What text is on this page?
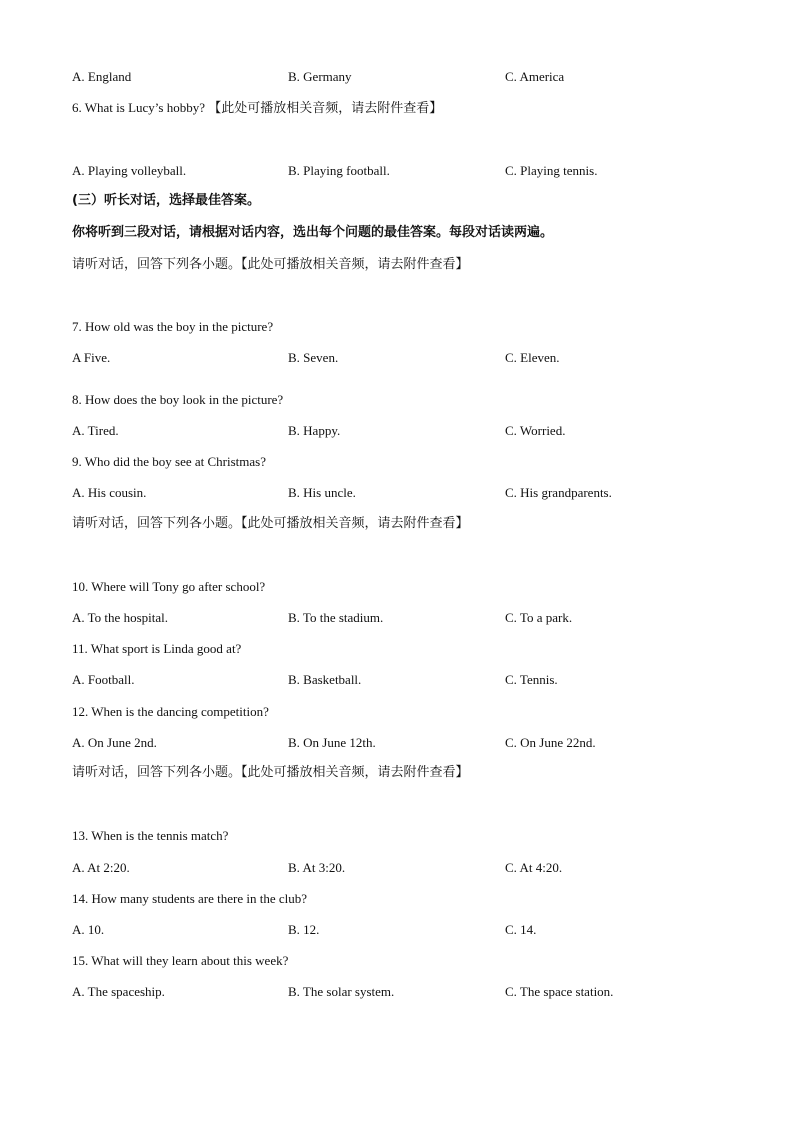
A. England	B. Germany	C. America
6. What is Lucy’s hobby? 【此处可播放相关音频，请去附件查看】
A. Playing volleyball.	B. Playing football.	C. Playing tennis.
(三）听长对话，选择最佳答案。
你将听到三段对话，请根据对话内容，选出每个问题的最佳答案。每段对话读两遍。
请听对话，回答下列各小题。【此处可播放相关音频，请去附件查看】
7. How old was the boy in the picture?
A Five.	B. Seven.	C. Eleven.
8. How does the boy look in the picture?
A. Tired.	B. Happy.	C. Worried.
9. Who did the boy see at Christmas?
A. His cousin.	B. His uncle.	C. His grandparents.
请听对话，回答下列各小题。【此处可播放相关音频，请去附件查看】
10. Where will Tony go after school?
A. To the hospital.	B. To the stadium.	C. To a park.
11. What sport is Linda good at?
A. Football.	B. Basketball.	C. Tennis.
12. When is the dancing competition?
A. On June 2nd.	B. On June 12th.	C. On June 22nd.
请听对话，回答下列各小题。【此处可播放相关音频，请去附件查看】
13. When is the tennis match?
A. At 2:20.	B. At 3:20.	C. At 4:20.
14. How many students are there in the club?
A. 10.	B. 12.	C. 14.
15. What will they learn about this week?
A. The spaceship.	B. The solar system.	C. The space station.
